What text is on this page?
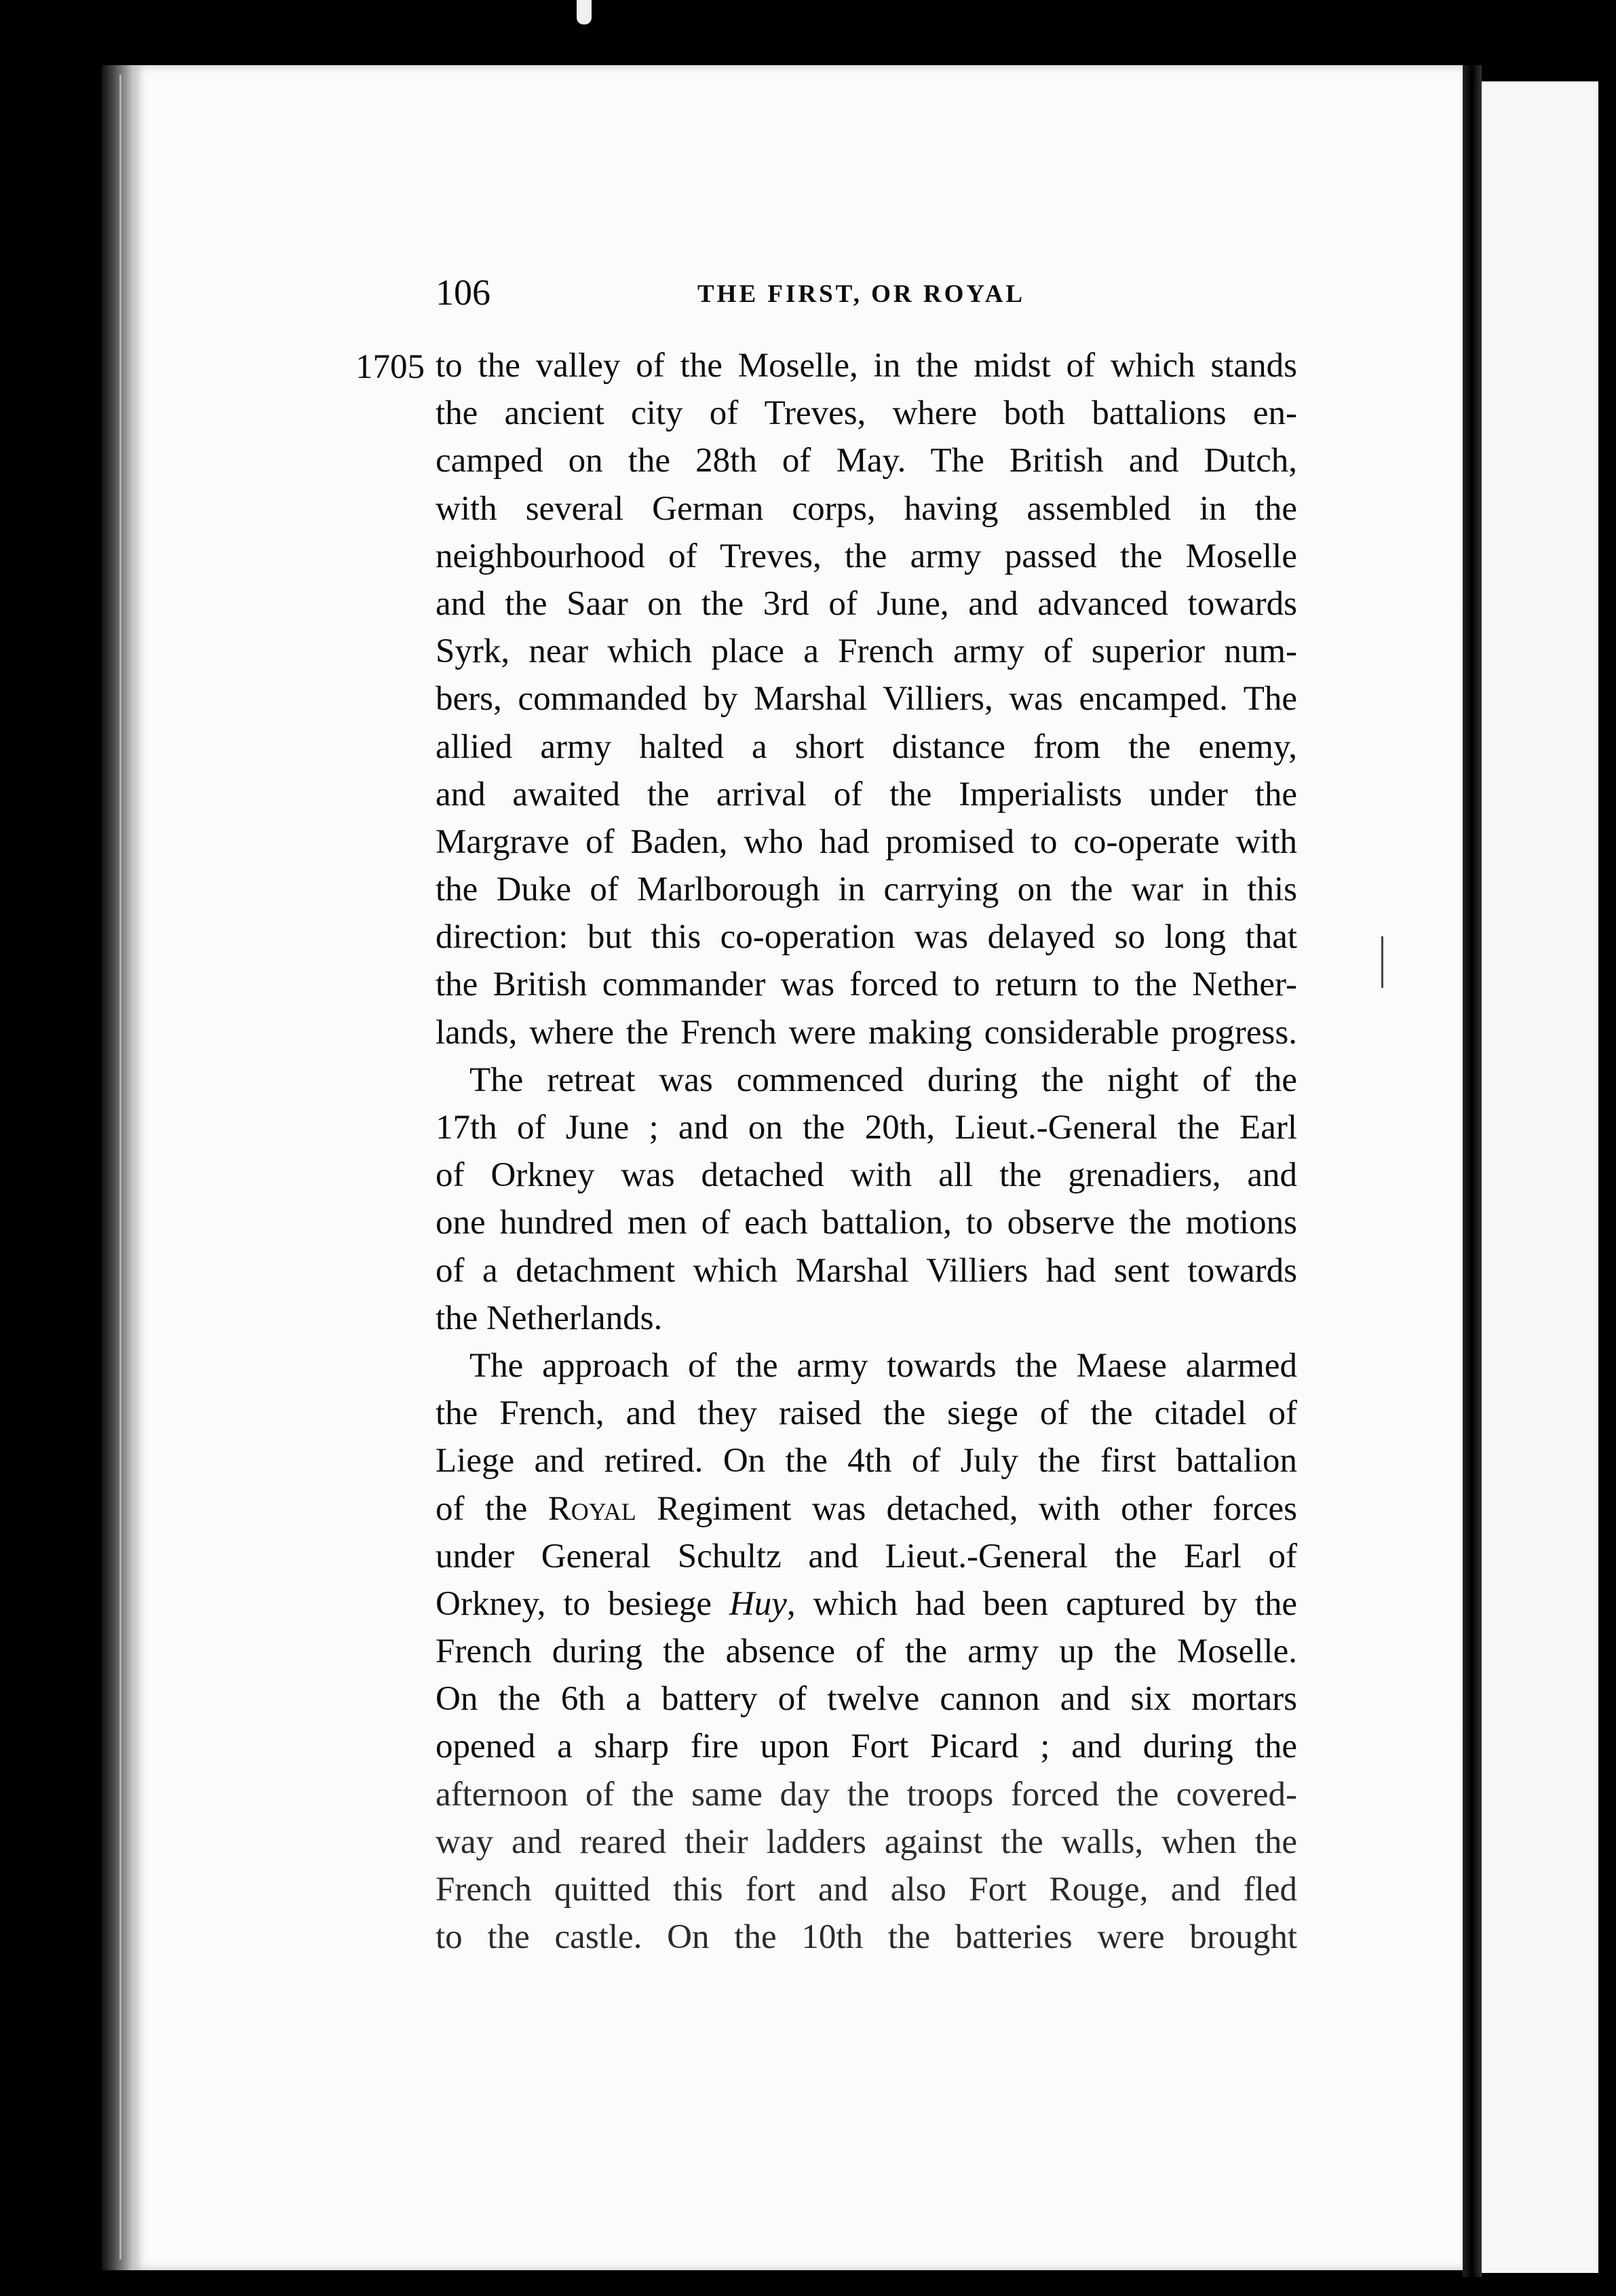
106	THE FIRST, OR ROYAL
1705 to the valley of the Moselle, in the midst of which stands
the ancient city of Treves, where both battalions en-
camped on the 28th of May. The British and Dutch,
with several German corps, having assembled in the
neighbourhood of Treves, the army passed the Moselle
and the Saar on the 3rd of June, and advanced towards
Syrk, near which place a French army of superior num-
bers, commanded by Marshal Villiers, was encamped. The
allied army halted a short distance from the enemy,
and awaited the arrival of the Imperialists under the
Margrave of Baden, who had promised to co-operate with
the Duke of Marlborough in carrying on the war in this
direction: but this co-operation was delayed so long that
the British commander was forced to return to the Nether-
lands, where the French were making considerable progress.
The retreat was commenced during the night of the
17th of June ; and on the 20th, Lieut.-General the Earl
of Orkney was detached with all the grenadiers, and
one hundred men of each battalion, to observe the motions
of a detachment which Marshal Villiers had sent towards
the Netherlands.
The approach of the army towards the Maese alarmed
the French, and they raised the siege of the citadel of
Liege and retired. On the 4th of July the first battalion
of the Royal Regiment was detached, with other forces
under General Schultz and Lieut.-General the Earl of
Orkney, to besiege Huy, which had been captured by the
French during the absence of the army up the Moselle.
On the 6th a battery of twelve cannon and six mortars
opened a sharp fire upon Fort Picard ; and during the
afternoon of the same day the troops forced the covered-
way and reared their ladders against the walls, when the
French quitted this fort and also Fort Rouge, and fled
to the castle. On the 10th the batteries were brought
